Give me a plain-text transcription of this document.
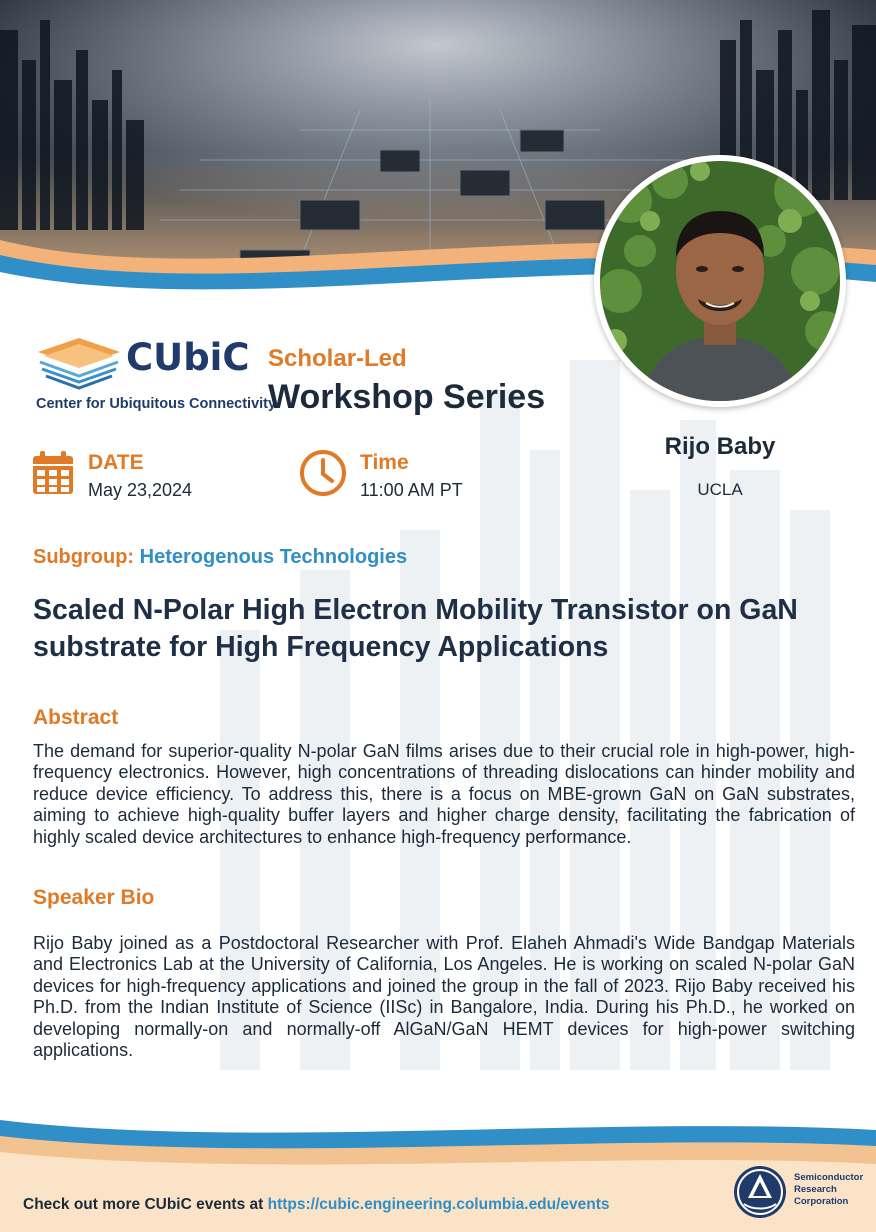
CUbiC
Center for Ubiquitous Connectivity
Scholar-Led
Workshop Series
Rijo Baby
UCLA
DATE
May 23,2024
Time
11:00 AM PT
Subgroup: Heterogenous Technologies
Scaled N-Polar High Electron Mobility Transistor on GaN substrate for High Frequency Applications
Abstract
The demand for superior-quality N-polar GaN films arises due to their crucial role in high-power, high-frequency electronics. However, high concentrations of threading dislocations can hinder mobility and reduce device efficiency. To address this, there is a focus on MBE-grown GaN on GaN substrates, aiming to achieve high-quality buffer layers and higher charge density, facilitating the fabrication of highly scaled device architectures to enhance high-frequency performance.
Speaker Bio
Rijo Baby joined as a Postdoctoral Researcher with Prof. Elaheh Ahmadi's Wide Bandgap Materials and Electronics Lab at the University of California, Los Angeles. He is working on scaled N-polar GaN devices for high-frequency applications and joined the group in the fall of 2023. Rijo Baby received his Ph.D. from the Indian Institute of Science (IISc) in Bangalore, India. During his Ph.D., he worked on developing normally-on and normally-off AlGaN/GaN HEMT devices for high-power switching applications.
Check out more CUbiC events at https://cubic.engineering.columbia.edu/events
Semiconductor
Research
Corporation
